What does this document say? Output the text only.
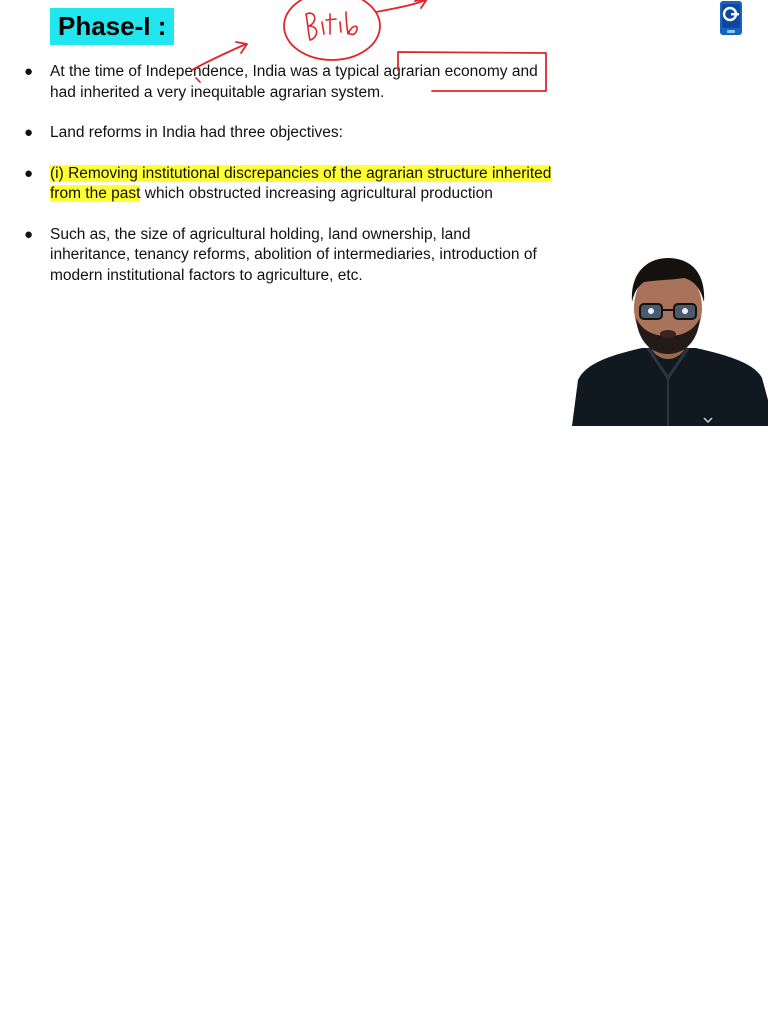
Phase-I :
● At the time of Independence, India was a typical agrarian economy and had inherited a very inequitable agrarian system.
● Land reforms in India had three objectives:
● (i) Removing institutional discrepancies of the agrarian structure inherited from the past which obstructed increasing agricultural production
● Such as, the size of agricultural holding, land ownership, land inheritance, tenancy reforms, abolition of intermediaries, introduction of modern institutional factors to agriculture, etc.
